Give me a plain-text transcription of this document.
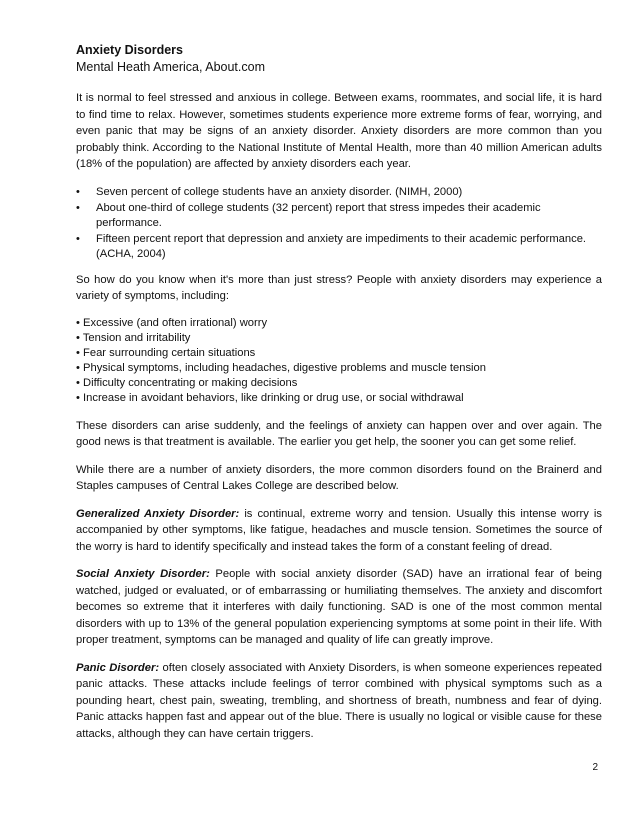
Anxiety Disorders

Mental Heath America, About.com

It is normal to feel stressed and anxious in college. Between exams, roommates, and social life, it is hard to find time to relax. However, sometimes students experience more extreme forms of fear, worrying, and even panic that may be signs of an anxiety disorder. Anxiety disorders are more common than you probably think. According to the National Institute of Mental Health, more than 40 million American adults (18% of the population) are affected by anxiety disorders each year.

• Seven percent of college students have an anxiety disorder. (NIMH, 2000)
• About one-third of college students (32 percent) report that stress impedes their academic performance.
• Fifteen percent report that depression and anxiety are impediments to their academic performance. (ACHA, 2004)

So how do you know when it's more than just stress? People with anxiety disorders may experience a variety of symptoms, including:

• Excessive (and often irrational) worry
• Tension and irritability
• Fear surrounding certain situations
• Physical symptoms, including headaches, digestive problems and muscle tension
• Difficulty concentrating or making decisions
• Increase in avoidant behaviors, like drinking or drug use, or social withdrawal

These disorders can arise suddenly, and the feelings of anxiety can happen over and over again. The good news is that treatment is available. The earlier you get help, the sooner you can get some relief.

While there are a number of anxiety disorders, the more common disorders found on the Brainerd and Staples campuses of Central Lakes College are described below.

Generalized Anxiety Disorder: is continual, extreme worry and tension. Usually this intense worry is accompanied by other symptoms, like fatigue, headaches and muscle tension. Sometimes the source of the worry is hard to identify specifically and instead takes the form of a constant feeling of dread.

Social Anxiety Disorder: People with social anxiety disorder (SAD) have an irrational fear of being watched, judged or evaluated, or of embarrassing or humiliating themselves. The anxiety and discomfort becomes so extreme that it interferes with daily functioning. SAD is one of the most common mental disorders with up to 13% of the general population experiencing symptoms at some point in their life. With proper treatment, symptoms can be managed and quality of life can greatly improve.

Panic Disorder: often closely associated with Anxiety Disorders, is when someone experiences repeated panic attacks. These attacks include feelings of terror combined with physical symptoms such as a pounding heart, chest pain, sweating, trembling, and shortness of breath, numbness and fear of dying. Panic attacks happen fast and appear out of the blue. There is usually no logical or visible cause for these attacks, although they can have certain triggers.

2
